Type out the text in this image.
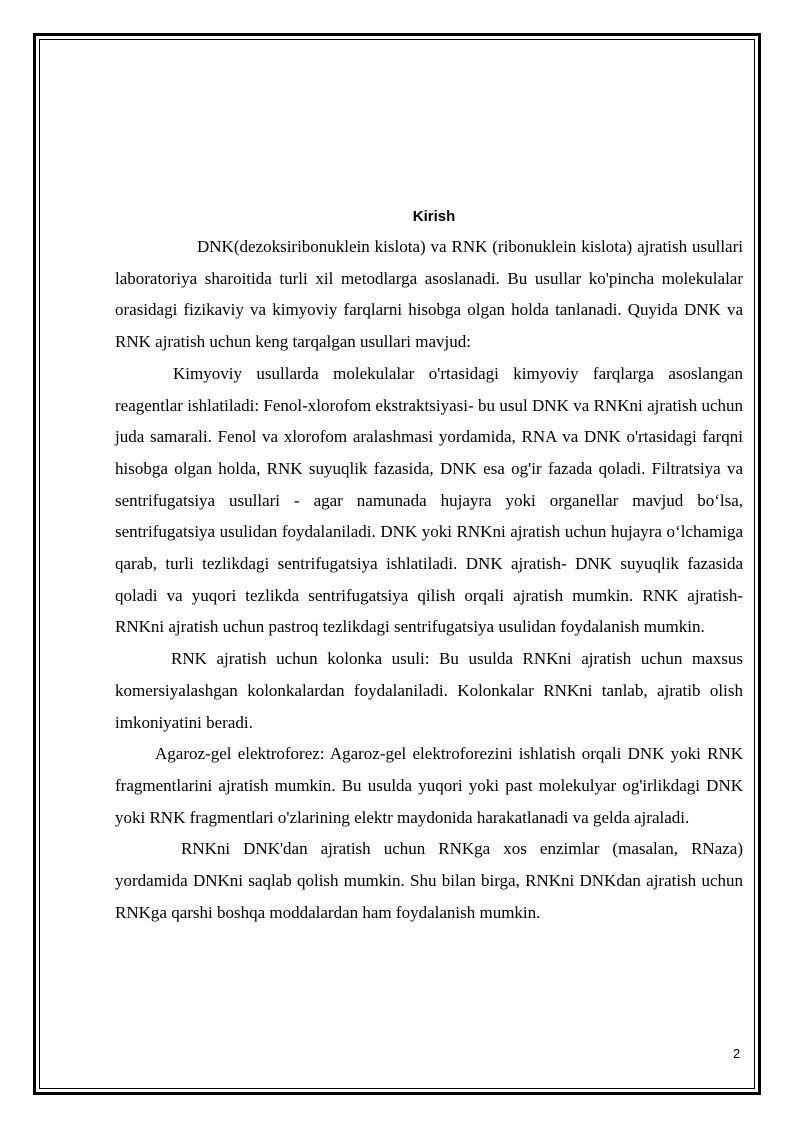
Kirish

DNK(dezoksiribonuklein kislota) va RNK (ribonuklein kislota) ajratish usullari laboratoriya sharoitida turli xil metodlarga asoslanadi. Bu usullar ko'pincha molekulalar orasidagi fizikaviy va kimyoviy farqlarni hisobga olgan holda tanlanadi. Quyida DNK va RNK ajratish uchun keng tarqalgan usullari mavjud:

Kimyoviy usullarda molekulalar o'rtasidagi kimyoviy farqlarga asoslangan reagentlar ishlatiladi: Fenol-xlorofom ekstraktsiyasi- bu usul DNK va RNKni ajratish uchun juda samarali. Fenol va xlorofom aralashmasi yordamida, RNA va DNK o'rtasidagi farqni hisobga olgan holda, RNK suyuqlik fazasida, DNK esa og'ir fazada qoladi. Filtratsiya va sentrifugatsiya usullari - agar namunada hujayra yoki organellar mavjud bo‘lsa, sentrifugatsiya usulidan foydalaniladi. DNK yoki RNKni ajratish uchun hujayra o‘lchamiga qarab, turli tezlikdagi sentrifugatsiya ishlatiladi. DNK ajratish- DNK suyuqlik fazasida qoladi va yuqori tezlikda sentrifugatsiya qilish orqali ajratish mumkin. RNK ajratish- RNKni ajratish uchun pastroq tezlikdagi sentrifugatsiya usulidan foydalanish mumkin.

RNK ajratish uchun kolonka usuli: Bu usulda RNKni ajratish uchun maxsus komersiyalashgan kolonkalardan foydalaniladi. Kolonkalar RNKni tanlab, ajratib olish imkoniyatini beradi.

Agaroz-gel elektroforez: Agaroz-gel elektroforezini ishlatish orqali DNK yoki RNK fragmentlarini ajratish mumkin. Bu usulda yuqori yoki past molekulyar og'irlikdagi DNK yoki RNK fragmentlari o'zlarining elektr maydonida harakatlanadi va gelda ajraladi.

RNKni DNK'dan ajratish uchun RNKga xos enzimlar (masalan, RNaza) yordamida DNKni saqlab qolish mumkin. Shu bilan birga, RNKni DNKdan ajratish uchun RNKga qarshi boshqa moddalardan ham foydalanish mumkin.

2
